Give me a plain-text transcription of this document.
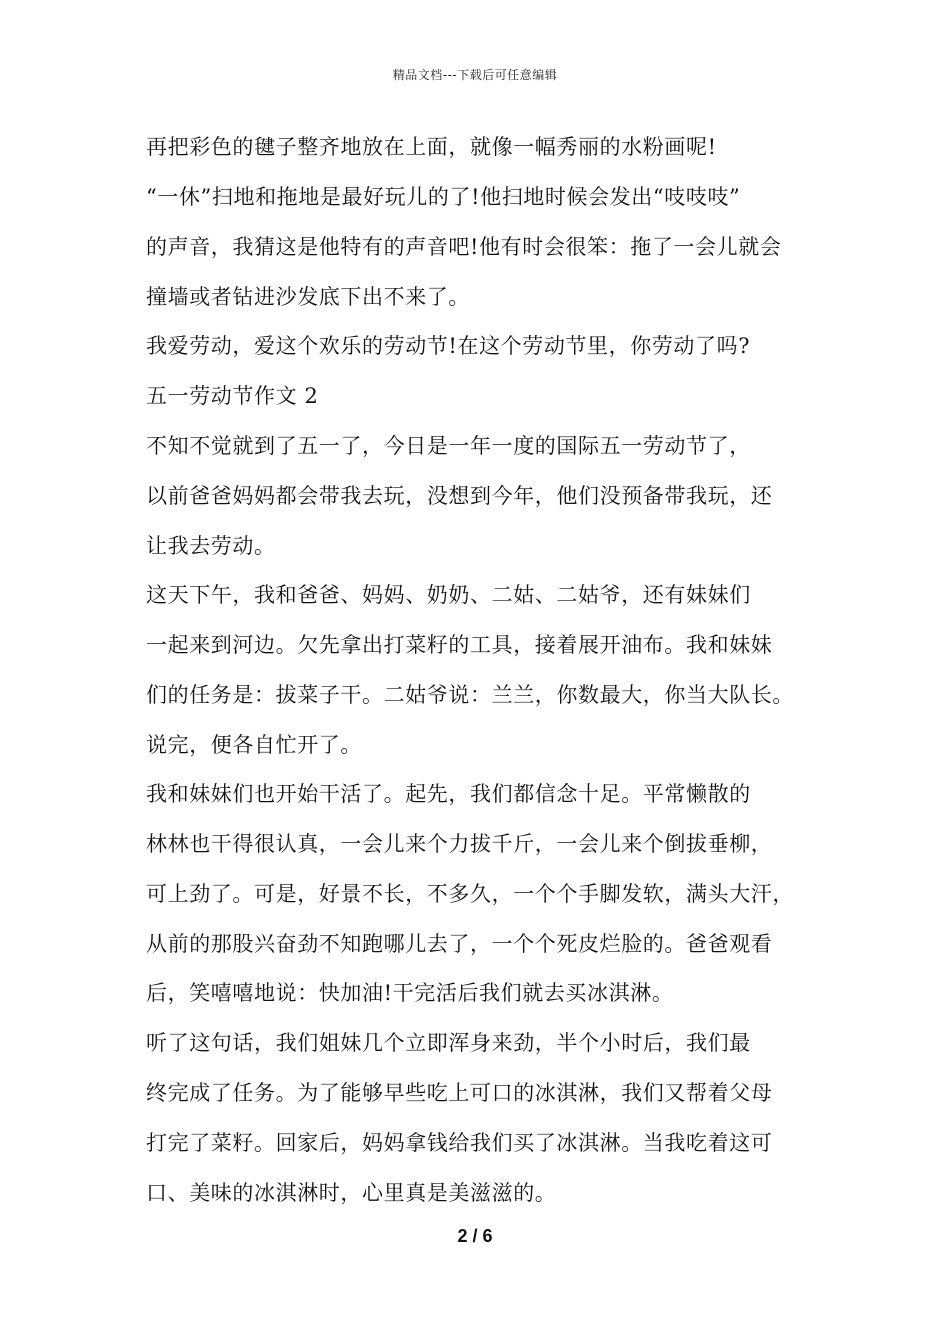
精品文档---下载后可任意编辑
再把彩色的毽子整齐地放在上面，就像一幅秀丽的水粉画呢!
“一休”扫地和拖地是最好玩儿的了!他扫地时候会发出“吱吱吱”
的声音，我猜这是他特有的声音吧!他有时会很笨：拖了一会儿就会
撞墙或者钻进沙发底下出不来了。
我爱劳动，爱这个欢乐的劳动节!在这个劳动节里，你劳动了吗?
五一劳动节作文 2
不知不觉就到了五一了，今日是一年一度的国际五一劳动节了，
以前爸爸妈妈都会带我去玩，没想到今年，他们没预备带我玩，还
让我去劳动。
这天下午，我和爸爸、妈妈、奶奶、二姑、二姑爷，还有妹妹们
一起来到河边。欠先拿出打菜籽的工具，接着展开油布。我和妹妹
们的任务是：拔菜子干。二姑爷说：兰兰，你数最大，你当大队长。
说完，便各自忙开了。
我和妹妹们也开始干活了。起先，我们都信念十足。平常懒散的
林林也干得很认真，一会儿来个力拔千斤，一会儿来个倒拔垂柳，
可上劲了。可是，好景不长，不多久，一个个手脚发软，满头大汗，
从前的那股兴奋劲不知跑哪儿去了，一个个死皮烂脸的。爸爸观看
后，笑嘻嘻地说：快加油!干完活后我们就去买冰淇淋。
听了这句话，我们姐妹几个立即浑身来劲，半个小时后，我们最
终完成了任务。为了能够早些吃上可口的冰淇淋，我们又帮着父母
打完了菜籽。回家后，妈妈拿钱给我们买了冰淇淋。当我吃着这可
口、美味的冰淇淋时，心里真是美滋滋的。
2 / 6
